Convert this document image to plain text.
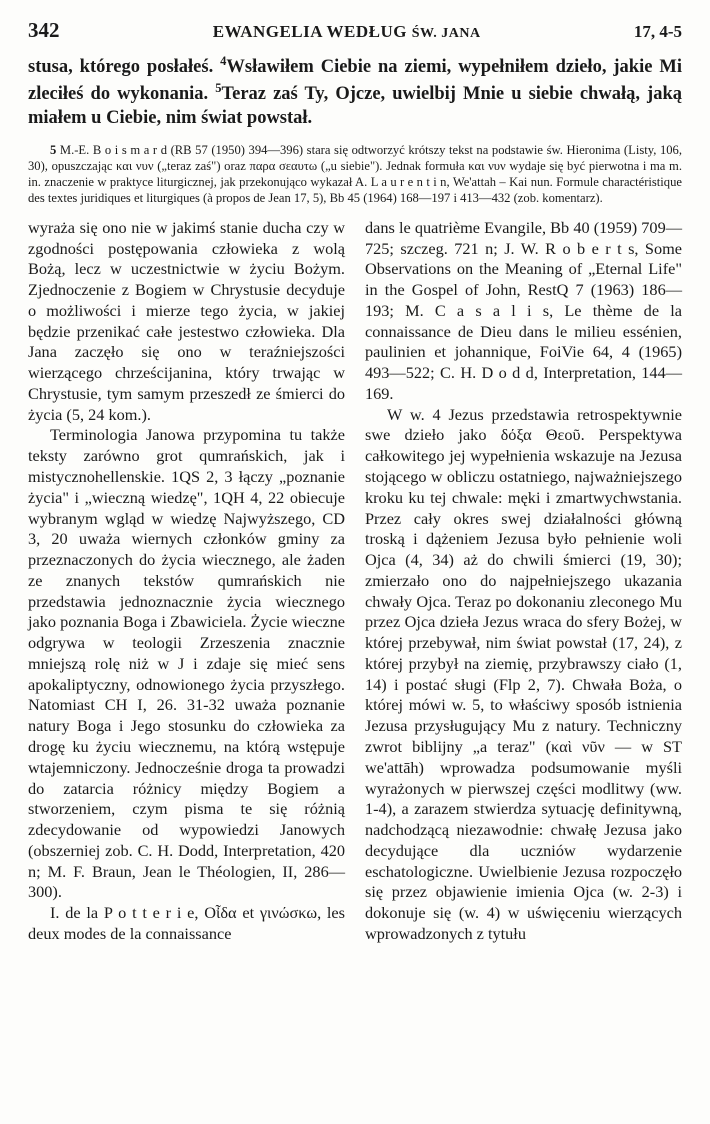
342	EWANGELIA WEDŁUG ŚW. JANA	17, 4-5
stusa, którego posłałeś. $^4$Wsławiłem Ciebie na ziemi, wypełniłem dzieło, jakie Mi zleciłeś do wykonania. $^5$Teraz zaś Ty, Ojcze, uwielbij Mnie u siebie chwałą, jaką miałem u Ciebie, nim świat powstał.
5 M.-E. B o i s m a r d (RB 57 (1950) 394—396) stara się odtworzyć krótszy tekst na podstawie św. Hieronima (Listy, 106, 30), opuszczając και νυν („teraz zaś") oraz παρα σεαυτω („u siebie"). Jednak formuła και νυν wydaje się być pierwotna i ma m. in. znaczenie w praktyce liturgicznej, jak przekonująco wykazał A. L a u r e n t i n, We'attah – Kai nun. Formule charactéristique des textes juridiques et liturgiques (à propos de Jean 17, 5), Bb 45 (1964) 168—197 i 413—432 (zob. komentarz).

wyraża się ono nie w jakimś stanie ducha czy w zgodności postępowania człowieka z wolą Bożą, lecz w uczestnictwie w życiu Bożym. Zjednoczenie z Bogiem w Chrystusie decyduje o możliwości i mierze tego życia, w jakiej będzie przenikać całe jestestwo człowieka. Dla Jana zaczęło się ono w teraźniejszości wierzącego chrześcijanina, który trwając w Chrystusie, tym samym przeszedł ze śmierci do życia (5, 24 kom.).

Terminologia Janowa przypomina tu także teksty zarówno grot qumrańskich, jak i mistycznohellenskie. 1QS 2, 3 łączy „poznanie życia" i „wieczną wiedzę", 1QH 4, 22 obiecuje wybranym wgląd w wiedzę Najwyższego, CD 3, 20 uważa wiernych członków gminy za przeznaczonych do życia wiecznego, ale żaden ze znanych tekstów qumrańskich nie przedstawia jednoznacznie życia wiecznego jako poznania Boga i Zbawiciela. Życie wieczne odgrywa w teologii Zrzeszenia znacznie mniejszą rolę niż w J i zdaje się mieć sens apokaliptyczny, odnowionego życia przyszłego. Natomiast CH I, 26. 31-32 uważa poznanie natury Boga i Jego stosunku do człowieka za drogę ku życiu wiecznemu, na którą wstępuje wtajemniczony. Jednocześnie droga ta prowadzi do zatarcia różnicy między Bogiem a stworzeniem, czym pisma te się różnią zdecydowanie od wypowiedzi Janowych (obszerniej zob. C. H. Dodd, Interpretation, 420 n; M. F. Braun, Jean le Théologien, II, 286—300).

I. de la P o t t e r i e, Οἶδα et γινώσκω, les deux modes de la connaissance

dans le quatrième Evangile, Bb 40 (1959) 709—725; szczeg. 721 n; J. W. R o b e r t s, Some Observations on the Meaning of „Eternal Life" in the Gospel of John, RestQ 7 (1963) 186—193; M. C a s a l i s, Le thème de la connaissance de Dieu dans le milieu essénien, paulinien et johannique, FoiVie 64, 4 (1965) 493—522; C. H. D o d d, Interpretation, 144—169.

W w. 4 Jezus przedstawia retrospektywnie swe dzieło jako δόξα Θεοῦ. Perspektywa całkowitego jej wypełnienia wskazuje na Jezusa stojącego w obliczu ostatniego, najważniejszego kroku ku tej chwale: męki i zmartwychwstania. Przez cały okres swej działalności główną troską i dążeniem Jezusa było pełnienie woli Ojca (4, 34) aż do chwili śmierci (19, 30); zmierzało ono do najpełniejszego ukazania chwały Ojca. Teraz po dokonaniu zleconego Mu przez Ojca dzieła Jezus wraca do sfery Bożej, w której przebywał, nim świat powstał (17, 24), z której przybył na ziemię, przybrawszy ciało (1, 14) i postać sługi (Flp 2, 7). Chwała Boża, o której mówi w. 5, to właściwy sposób istnienia Jezusa przysługujący Mu z natury. Techniczny zwrot biblijny „a teraz" (καὶ νῦν — w ST we'attāh) wprowadza podsumowanie myśli wyrażonych w pierwszej części modlitwy (ww. 1-4), a zarazem stwierdza sytuację definitywną, nadchodzącą niezawodnie: chwałę Jezusa jako decydujące dla uczniów wydarzenie eschatologiczne. Uwielbienie Jezusa rozpoczęło się przez objawienie imienia Ojca (w. 2-3) i dokonuje się (w. 4) w uświęceniu wierzących wprowadzonych z tytułu
